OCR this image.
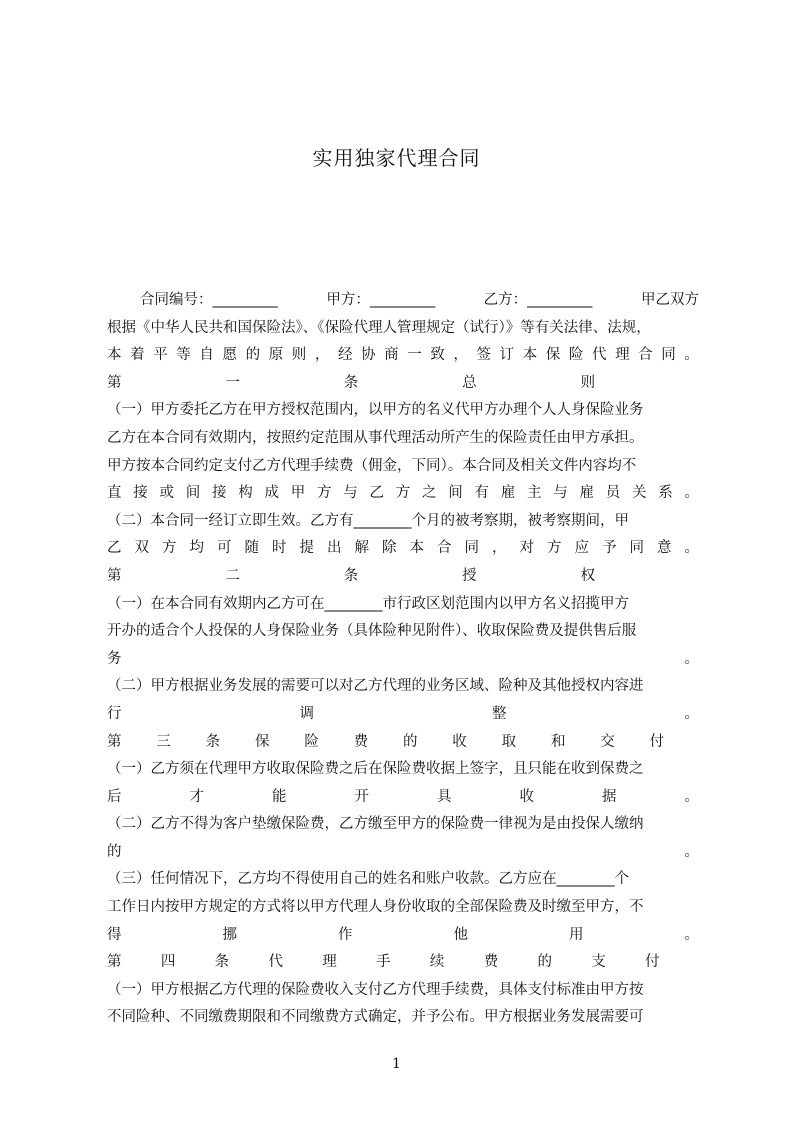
实用独家代理合同
合同编号：_________	甲方：_________	乙方：_________	甲乙双方
根据《中华人民共和国保险法》、《保险代理人管理规定（试行）》等有关法律、法规，
本 着 平 等 自 愿 的 原 则 ， 经 协 商 一 致 ， 签 订 本 保 险 代 理 合 同 。
第	一	条	总	则
（一）甲方委托乙方在甲方授权范围内，以甲方的名义代甲方办理个人人身保险业务
乙方在本合同有效期内，按照约定范围从事代理活动所产生的保险责任由甲方承担。
甲方按本合同约定支付乙方代理手续费（佣金，下同）。本合同及相关文件内容均不
直 接 或 间 接 构 成 甲 方 与 乙 方 之 间 有 雇 主 与 雇 员 关 系 。
（二）本合同一经订立即生效。乙方有________个月的被考察期，被考察期间，甲
乙 双 方 均 可 随 时 提 出 解 除 本 合 同 ， 对 方 应 予 同 意 。
第	二	条	授	权
（一）在本合同有效期内乙方可在________市行政区划范围内以甲方名义招揽甲方
开办的适合个人投保的人身保险业务（具体险种见附件）、收取保险费及提供售后服
务	。
（二）甲方根据业务发展的需要可以对乙方代理的业务区域、险种及其他授权内容进
行	调	整	。
第 三 条 保 险 费 的 收 取 和 交 付
（一）乙方须在代理甲方收取保险费之后在保险费收据上签字，且只能在收到保费之
后	才	能	开	具	收	据	。
（二）乙方不得为客户垫缴保险费，乙方缴至甲方的保险费一律视为是由投保人缴纳
的	。
（三）任何情况下，乙方均不得使用自己的姓名和账户收款。乙方应在________个
工作日内按甲方规定的方式将以甲方代理人身份收取的全部保险费及时缴至甲方，不
得	挪	作	他	用	。
第	四	条	代	理	手	续	费	的	支	付
（一）甲方根据乙方代理的保险费收入支付乙方代理手续费，具体支付标准由甲方按
不同险种、不同缴费期限和不同缴费方式确定，并予公布。甲方根据业务发展需要可
1
